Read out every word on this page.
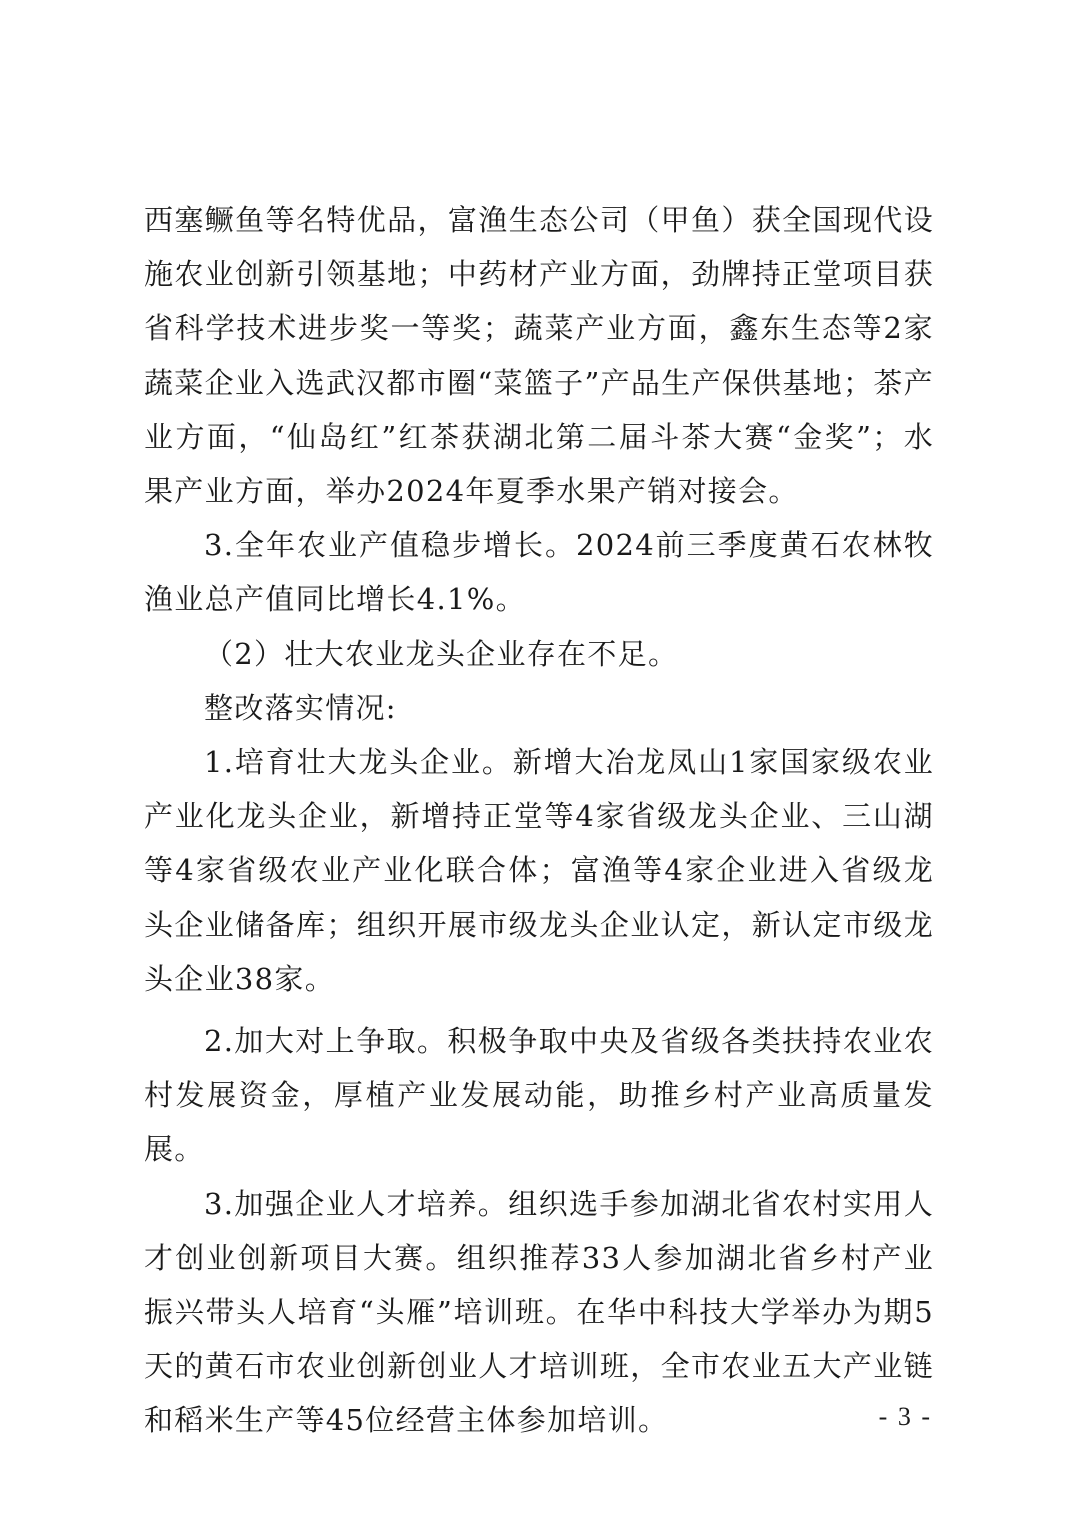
西塞鳜鱼等名特优品，富渔生态公司（甲鱼）获全国现代设施农业创新引领基地；中药材产业方面，劲牌持正堂项目获省科学技术进步奖一等奖；蔬菜产业方面，鑫东生态等2家蔬菜企业入选武汉都市圈“菜篮子”产品生产保供基地；茶产业方面，“仙岛红”红茶获湖北第二届斗茶大赛“金奖”；水果产业方面，举办2024年夏季水果产销对接会。

3.全年农业产值稳步增长。2024前三季度黄石农林牧渔业总产值同比增长4.1%。

（2）壮大农业龙头企业存在不足。

整改落实情况:

1.培育壮大龙头企业。新增大冶龙凤山1家国家级农业产业化龙头企业，新增持正堂等4家省级龙头企业、三山湖等4家省级农业产业化联合体；富渔等4家企业进入省级龙头企业储备库；组织开展市级龙头企业认定，新认定市级龙头企业38家。

2.加大对上争取。积极争取中央及省级各类扶持农业农村发展资金，厚植产业发展动能，助推乡村产业高质量发展。

3.加强企业人才培养。组织选手参加湖北省农村实用人才创业创新项目大赛。组织推荐33人参加湖北省乡村产业振兴带头人培育“头雁”培训班。在华中科技大学举办为期5天的黄石市农业创新创业人才培训班，全市农业五大产业链和稻米生产等45位经营主体参加培训。	- 3 -
